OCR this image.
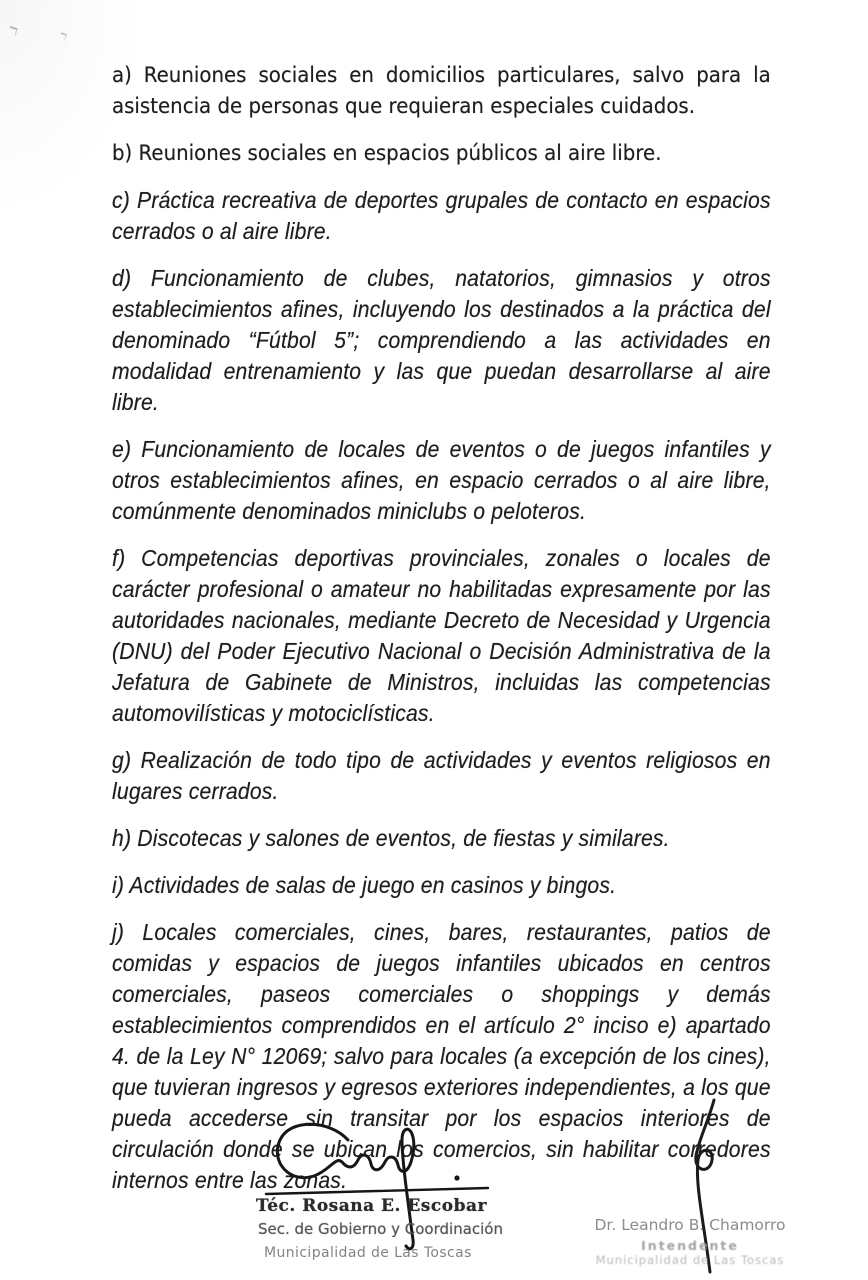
a) Reuniones sociales en domicilios particulares, salvo para la asistencia de personas que requieran especiales cuidados.

b) Reuniones sociales en espacios públicos al aire libre.

c) Práctica recreativa de deportes grupales de contacto en espacios cerrados o al aire libre.

d) Funcionamiento de clubes, natatorios, gimnasios y otros establecimientos afines, incluyendo los destinados a la práctica del denominado “Fútbol 5”; comprendiendo a las actividades en modalidad entrenamiento y las que puedan desarrollarse al aire libre.

e) Funcionamiento de locales de eventos o de juegos infantiles y otros establecimientos afines, en espacio cerrados o al aire libre, comúnmente denominados miniclubs o peloteros.

f) Competencias deportivas provinciales, zonales o locales de carácter profesional o amateur no habilitadas expresamente por las autoridades nacionales, mediante Decreto de Necesidad y Urgencia (DNU) del Poder Ejecutivo Nacional o Decisión Administrativa de la Jefatura de Gabinete de Ministros, incluidas las competencias automovilísticas y motociclísticas.

g) Realización de todo tipo de actividades y eventos religiosos en lugares cerrados.

h) Discotecas y salones de eventos, de fiestas y similares.

i) Actividades de salas de juego en casinos y bingos.

j) Locales comerciales, cines, bares, restaurantes, patios de comidas y espacios de juegos infantiles ubicados en centros comerciales, paseos comerciales o shoppings y demás establecimientos comprendidos en el artículo 2° inciso e) apartado 4. de la Ley N° 12069; salvo para locales (a excepción de los cines), que tuvieran ingresos y egresos exteriores independientes, a los que pueda accederse sin transitar por los espacios interiores de circulación donde se ubican los comercios, sin habilitar corredores internos entre las zonas.

Téc. Rosana E. Escobar
Sec. de Gobierno y Coordinación
Municipalidad de Las Toscas
Dr. Leandro B. Chamorro
Intendente
Municipalidad de Las Toscas
